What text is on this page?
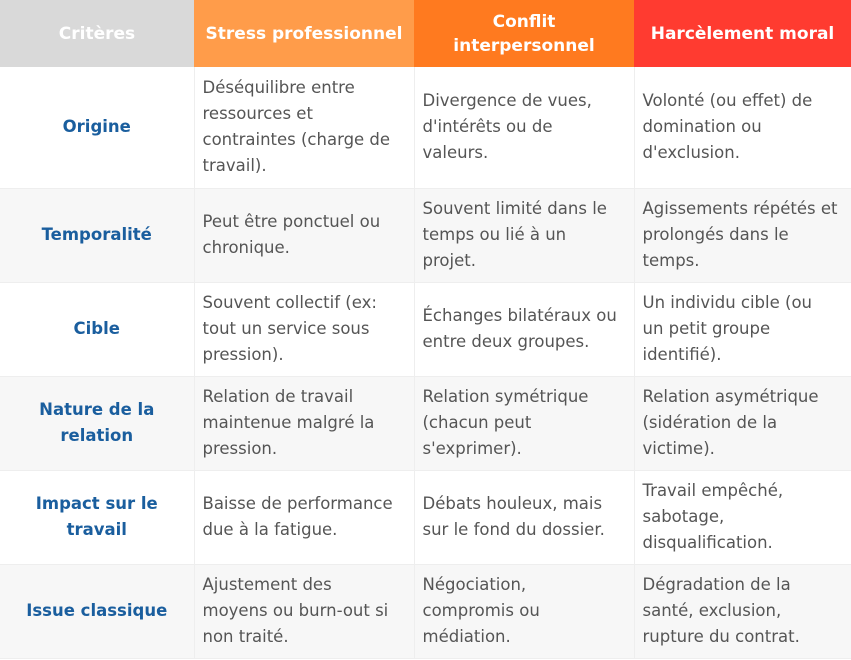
Critères	Stress professionnel	Conflit
interpersonnel	Harcèlement moral

Origine	Déséquilibre entre
ressources et
contraintes (charge de
travail).	Divergence de vues,
d'intérêts ou de
valeurs.	Volonté (ou effet) de
domination ou
d'exclusion.

Temporalité	Peut être ponctuel ou
chronique.	Souvent limité dans le
temps ou lié à un
projet.	Agissements répétés et
prolongés dans le
temps.

Cible	Souvent collectif (ex:
tout un service sous
pression).	Échanges bilatéraux ou
entre deux groupes.	Un individu cible (ou
un petit groupe
identifié).

Nature de la
relation	Relation de travail
maintenue malgré la
pression.	Relation symétrique
(chacun peut
s'exprimer).	Relation asymétrique
(sidération de la
victime).

Impact sur le
travail	Baisse de performance
due à la fatigue.	Débats houleux, mais
sur le fond du dossier.	Travail empêché,
sabotage,
disqualification.

Issue classique	Ajustement des
moyens ou burn-out si
non traité.	Négociation,
compromis ou
médiation.	Dégradation de la
santé, exclusion,
rupture du contrat.
